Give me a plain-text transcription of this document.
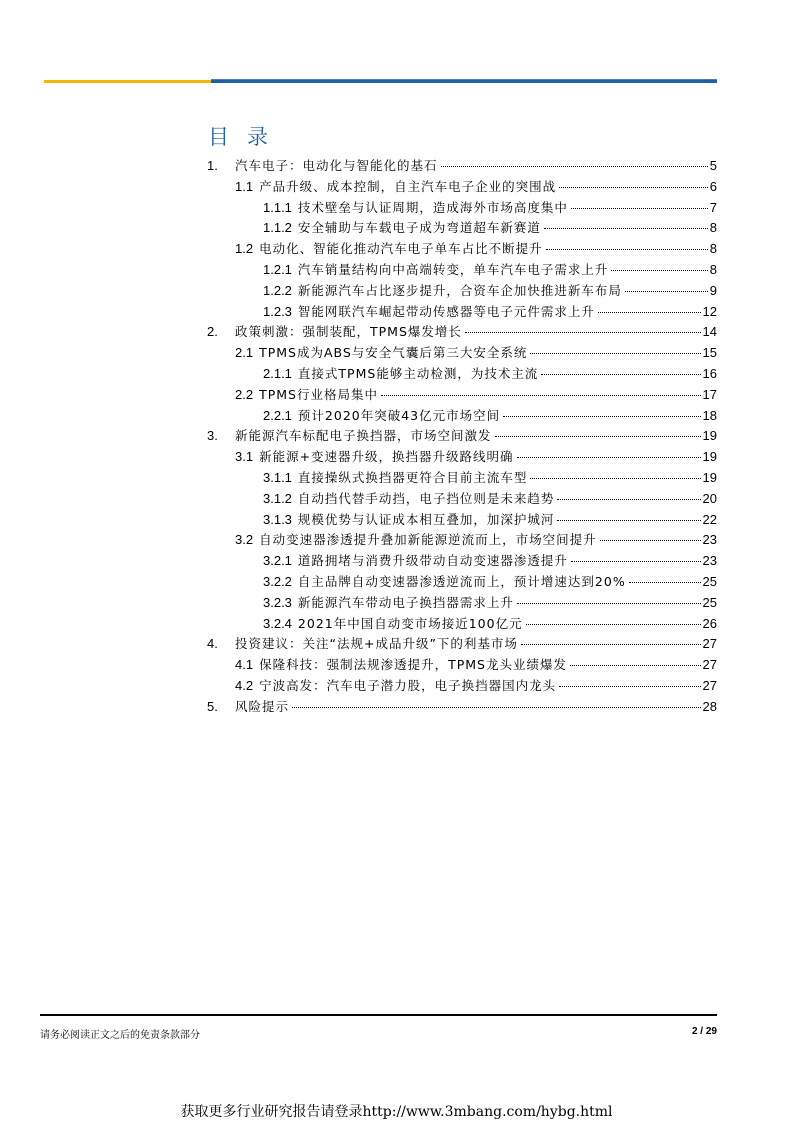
目录
1.	汽车电子：电动化与智能化的基石	5
1.1 产品升级、成本控制，自主汽车电子企业的突围战	6
1.1.1 技术壁垒与认证周期，造成海外市场高度集中	7
1.1.2 安全辅助与车载电子成为弯道超车新赛道	8
1.2 电动化、智能化推动汽车电子单车占比不断提升	8
1.2.1 汽车销量结构向中高端转变，单车汽车电子需求上升	8
1.2.2 新能源汽车占比逐步提升，合资车企加快推进新车布局	9
1.2.3 智能网联汽车崛起带动传感器等电子元件需求上升	12
2.	政策刺激：强制装配，TPMS爆发增长	14
2.1 TPMS成为ABS与安全气囊后第三大安全系统	15
2.1.1 直接式TPMS能够主动检测，为技术主流	16
2.2 TPMS行业格局集中	17
2.2.1 预计2020年突破43亿元市场空间	18
3.	新能源汽车标配电子换挡器，市场空间激发	19
3.1 新能源+变速器升级，换挡器升级路线明确	19
3.1.1 直接操纵式换挡器更符合目前主流车型	19
3.1.2 自动挡代替手动挡，电子挡位则是未来趋势	20
3.1.3 规模优势与认证成本相互叠加，加深护城河	22
3.2 自动变速器渗透提升叠加新能源逆流而上，市场空间提升	23
3.2.1 道路拥堵与消费升级带动自动变速器渗透提升	23
3.2.2 自主品牌自动变速器渗透逆流而上，预计增速达到20%	25
3.2.3 新能源汽车带动电子换挡器需求上升	25
3.2.4 2021年中国自动变市场接近100亿元	26
4.	投资建议：关注“法规+成品升级”下的利基市场	27
4.1 保隆科技：强制法规渗透提升，TPMS龙头业绩爆发	27
4.2 宁波高发：汽车电子潜力股，电子换挡器国内龙头	27
5.	风险提示	28
请务必阅读正文之后的免责条款部分	2 / 29
获取更多行业研究报告请登录http://www.3mbang.com/hybg.html
